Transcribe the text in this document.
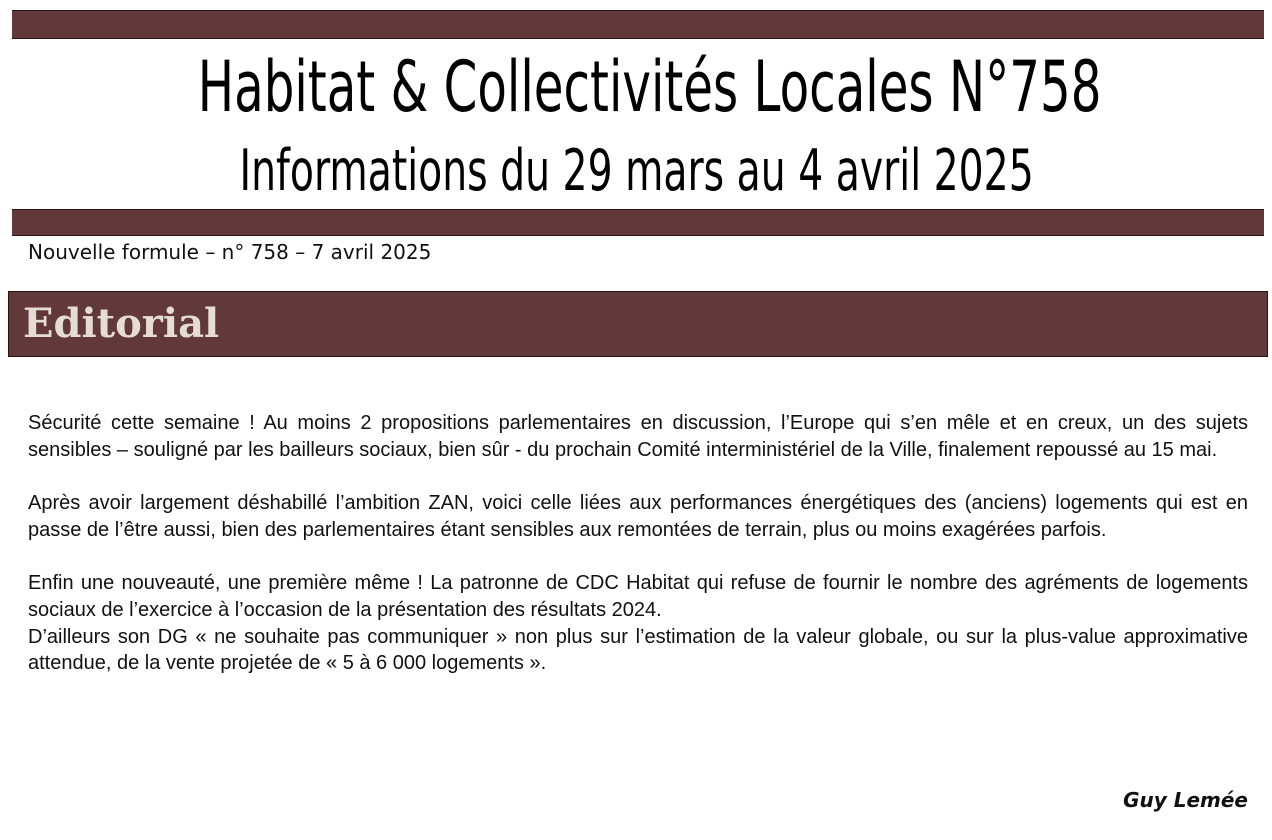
Habitat & Collectivités Locales N°758
Informations du 29 mars au 4 avril 2025

Nouvelle formule – n° 758 – 7 avril 2025

Editorial

Sécurité cette semaine ! Au moins 2 propositions parlementaires en discussion, l’Europe qui s’en mêle et en creux, un des sujets sensibles – souligné par les bailleurs sociaux, bien sûr - du prochain Comité interministériel de la Ville, finalement repoussé au 15 mai.

Après avoir largement déshabillé l’ambition ZAN, voici celle liées aux performances énergétiques des (anciens) logements qui est en passe de l’être aussi, bien des parlementaires étant sensibles aux remontées de terrain, plus ou moins exagérées parfois.

Enfin une nouveauté, une première même ! La patronne de CDC Habitat qui refuse de fournir le nombre des agréments de logements sociaux de l’exercice à l’occasion de la présentation des résultats 2024.

D’ailleurs son DG « ne souhaite pas communiquer » non plus sur l’estimation de la valeur globale, ou sur la plus-value approximative attendue, de la vente projetée de « 5 à 6 000 logements ».

Guy Lemée
